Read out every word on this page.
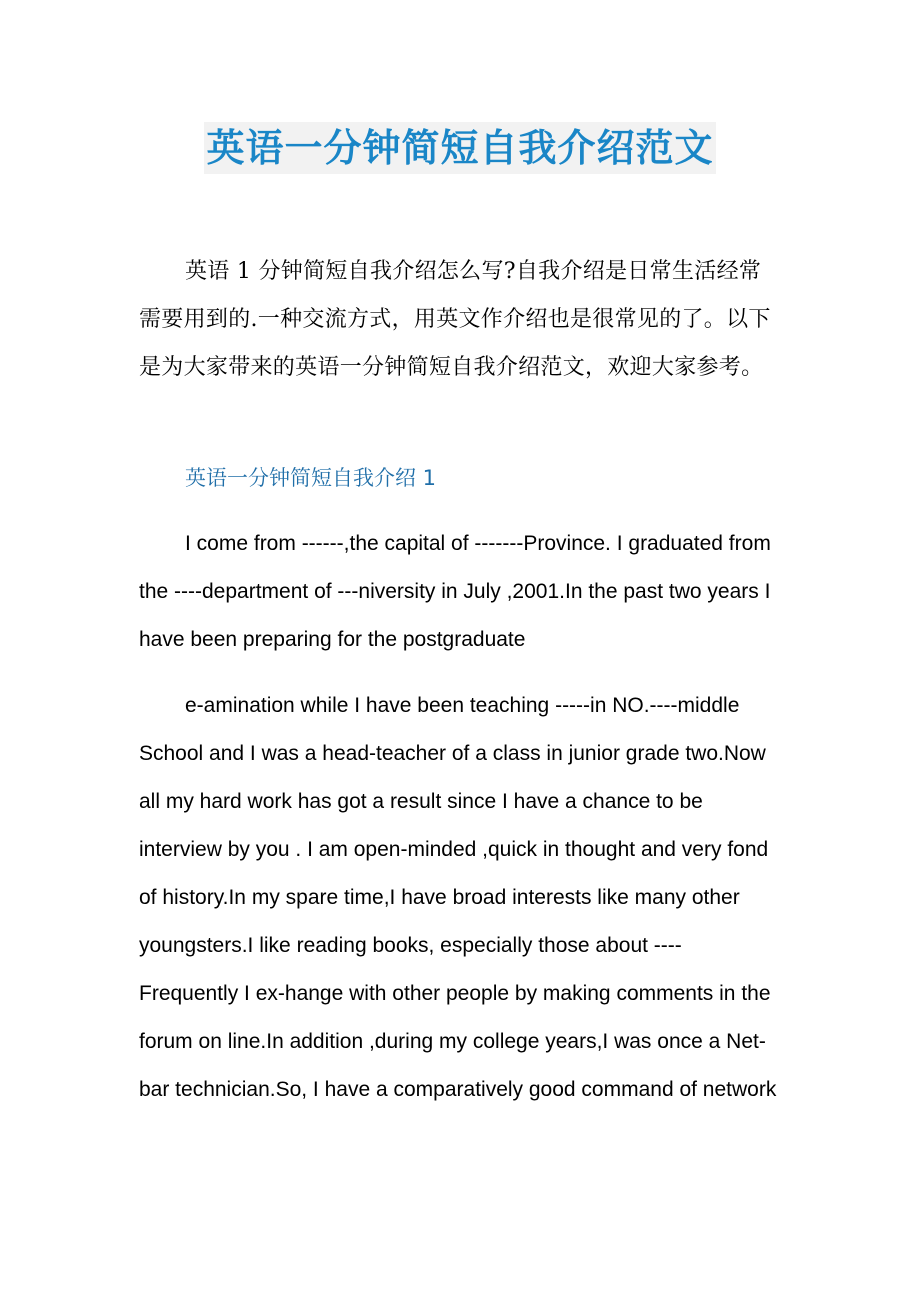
英语一分钟简短自我介绍范文

英语 1 分钟简短自我介绍怎么写?自我介绍是日常生活经常需要用到的.一种交流方式，用英文作介绍也是很常见的了。以下是为大家带来的英语一分钟简短自我介绍范文，欢迎大家参考。

英语一分钟简短自我介绍 1

I come from ------,the capital of -------Province. I graduated from the ----department of ---niversity in July ,2001.In the past two years I have been preparing for the postgraduate

e-amination while I have been teaching -----in NO.----middle School and I was a head-teacher of a class in junior grade two.Now all my hard work has got a result since I have a chance to be interview by you . I am open-minded ,quick in thought and very fond of history.In my spare time,I have broad interests like many other youngsters.I like reading books, especially those about ----Frequently I ex-hange with other people by making comments in the forum on line.In addition ,during my college years,I was once a Net-bar technician.So, I have a comparatively good command of network
